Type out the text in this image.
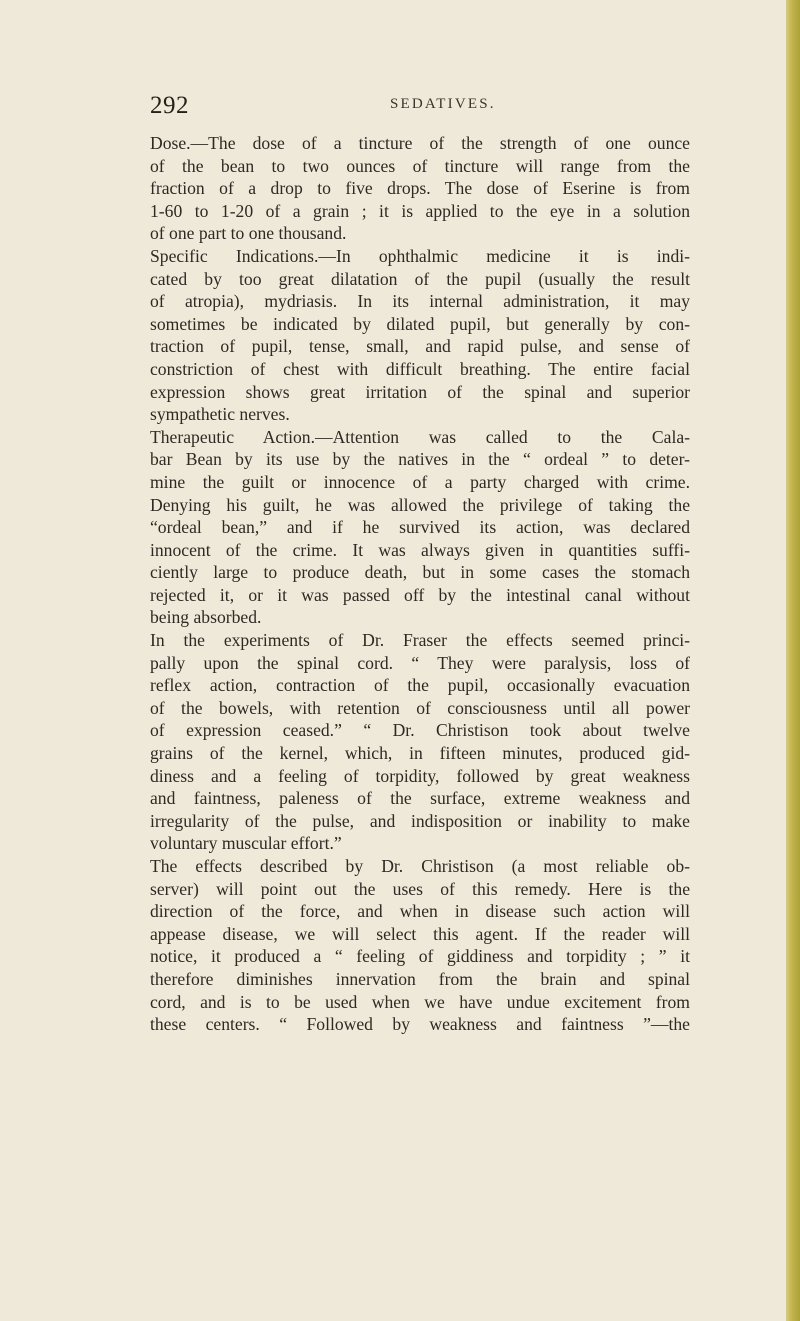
292	SEDATIVES.
Dose.—The dose of a tincture of the strength of one ounce
of the bean to two ounces of tincture will range from the
fraction of a drop to five drops. The dose of Eserine is from
1-60 to 1-20 of a grain ; it is applied to the eye in a solution
of one part to one thousand.
Specific Indications.—In ophthalmic medicine it is indi-
cated by too great dilatation of the pupil (usually the result
of atropia), mydriasis. In its internal administration, it may
sometimes be indicated by dilated pupil, but generally by con-
traction of pupil, tense, small, and rapid pulse, and sense of
constriction of chest with difficult breathing. The entire facial
expression shows great irritation of the spinal and superior
sympathetic nerves.
Therapeutic Action.—Attention was called to the Cala-
bar Bean by its use by the natives in the “ ordeal ” to deter-
mine the guilt or innocence of a party charged with crime.
Denying his guilt, he was allowed the privilege of taking the
“ordeal bean,” and if he survived its action, was declared
innocent of the crime. It was always given in quantities suffi-
ciently large to produce death, but in some cases the stomach
rejected it, or it was passed off by the intestinal canal without
being absorbed.
In the experiments of Dr. Fraser the effects seemed princi-
pally upon the spinal cord. “ They were paralysis, loss of
reflex action, contraction of the pupil, occasionally evacuation
of the bowels, with retention of consciousness until all power
of expression ceased.” “ Dr. Christison took about twelve
grains of the kernel, which, in fifteen minutes, produced gid-
diness and a feeling of torpidity, followed by great weakness
and faintness, paleness of the surface, extreme weakness and
irregularity of the pulse, and indisposition or inability to make
voluntary muscular effort.”
The effects described by Dr. Christison (a most reliable ob-
server) will point out the uses of this remedy. Here is the
direction of the force, and when in disease such action will
appease disease, we will select this agent. If the reader will
notice, it produced a “ feeling of giddiness and torpidity ; ” it
therefore diminishes innervation from the brain and spinal
cord, and is to be used when we have undue excitement from
these centers. “ Followed by weakness and faintness ”—the
